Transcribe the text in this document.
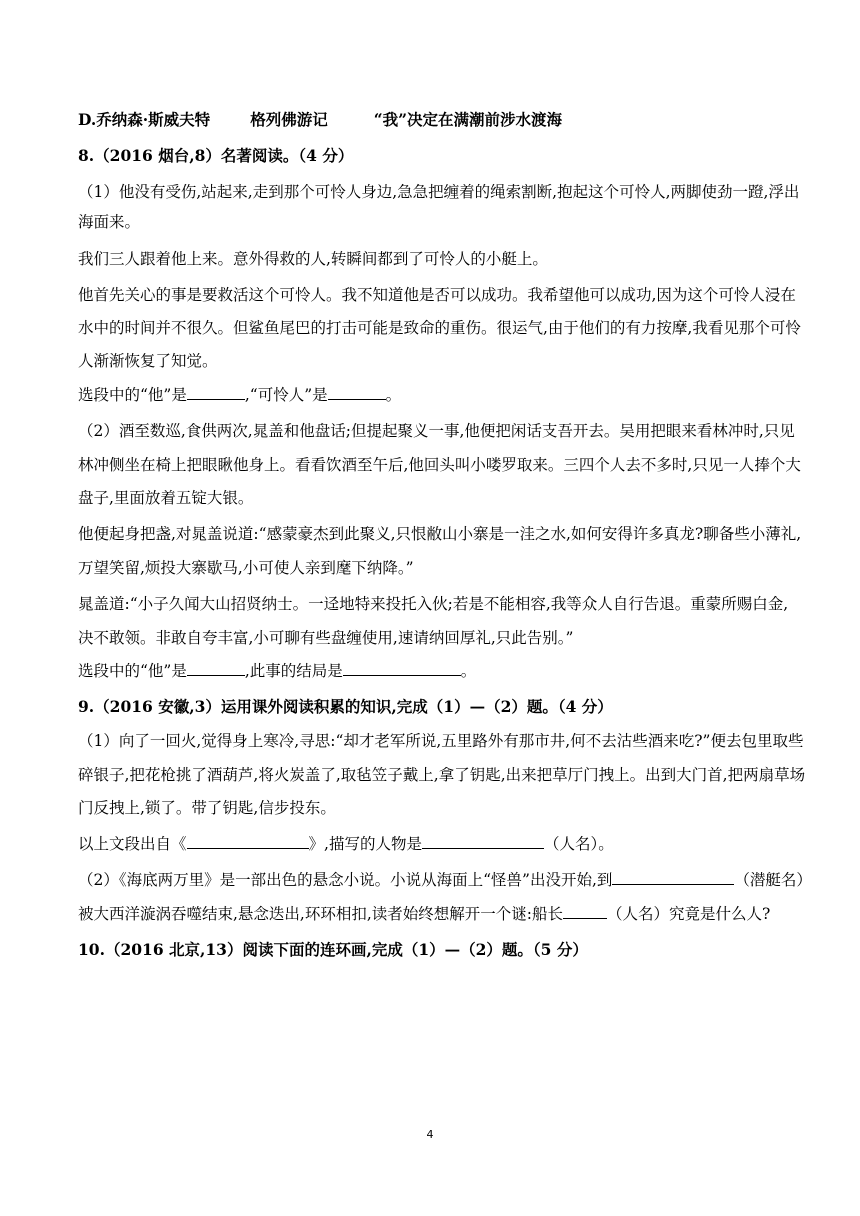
D.乔纳森·斯威夫特	格列佛游记	“我”决定在满潮前涉水渡海
8.（2016 烟台,8）名著阅读。（4 分）
（1）他没有受伤,站起来,走到那个可怜人身边,急急把缠着的绳索割断,抱起这个可怜人,两脚使劲一蹬,浮出
海面来。
我们三人跟着他上来。意外得救的人,转瞬间都到了可怜人的小艇上。
他首先关心的事是要救活这个可怜人。我不知道他是否可以成功。我希望他可以成功,因为这个可怜人浸在
水中的时间并不很久。但鲨鱼尾巴的打击可能是致命的重伤。很运气,由于他们的有力按摩,我看见那个可怜
人渐渐恢复了知觉。
选段中的“他”是	,“可怜人”是	。
（2）酒至数巡,食供两次,晁盖和他盘话;但提起聚义一事,他便把闲话支吾开去。吴用把眼来看林冲时,只见
林冲侧坐在椅上把眼瞅他身上。看看饮酒至午后,他回头叫小喽罗取来。三四个人去不多时,只见一人捧个大
盘子,里面放着五锭大银。
他便起身把盏,对晁盖说道:“感蒙豪杰到此聚义,只恨敝山小寨是一洼之水,如何安得许多真龙?聊备些小薄礼,
万望笑留,烦投大寨歇马,小可使人亲到麾下纳降。”
晁盖道:“小子久闻大山招贤纳士。一迳地特来投托入伙;若是不能相容,我等众人自行告退。重蒙所赐白金,
决不敢领。非敢自夸丰富,小可聊有些盘缠使用,速请纳回厚礼,只此告别。”
选段中的“他”是	,此事的结局是	。
9.（2016 安徽,3）运用课外阅读积累的知识,完成（1）—（2）题。（4 分）
（1）向了一回火,觉得身上寒冷,寻思:“却才老军所说,五里路外有那市井,何不去沽些酒来吃?”便去包里取些
碎银子,把花枪挑了酒葫芦,将火炭盖了,取毡笠子戴上,拿了钥匙,出来把草厅门拽上。出到大门首,把两扇草场
门反拽上,锁了。带了钥匙,信步投东。
以上文段出自《	》,描写的人物是	（人名）。
（2）《海底两万里》是一部出色的悬念小说。小说从海面上“怪兽”出没开始,到	（潜艇名）
被大西洋漩涡吞噬结束,悬念迭出,环环相扣,读者始终想解开一个谜:船长	（人名）究竟是什么人?
10.（2016 北京,13）阅读下面的连环画,完成（1）—（2）题。（5 分）
4
